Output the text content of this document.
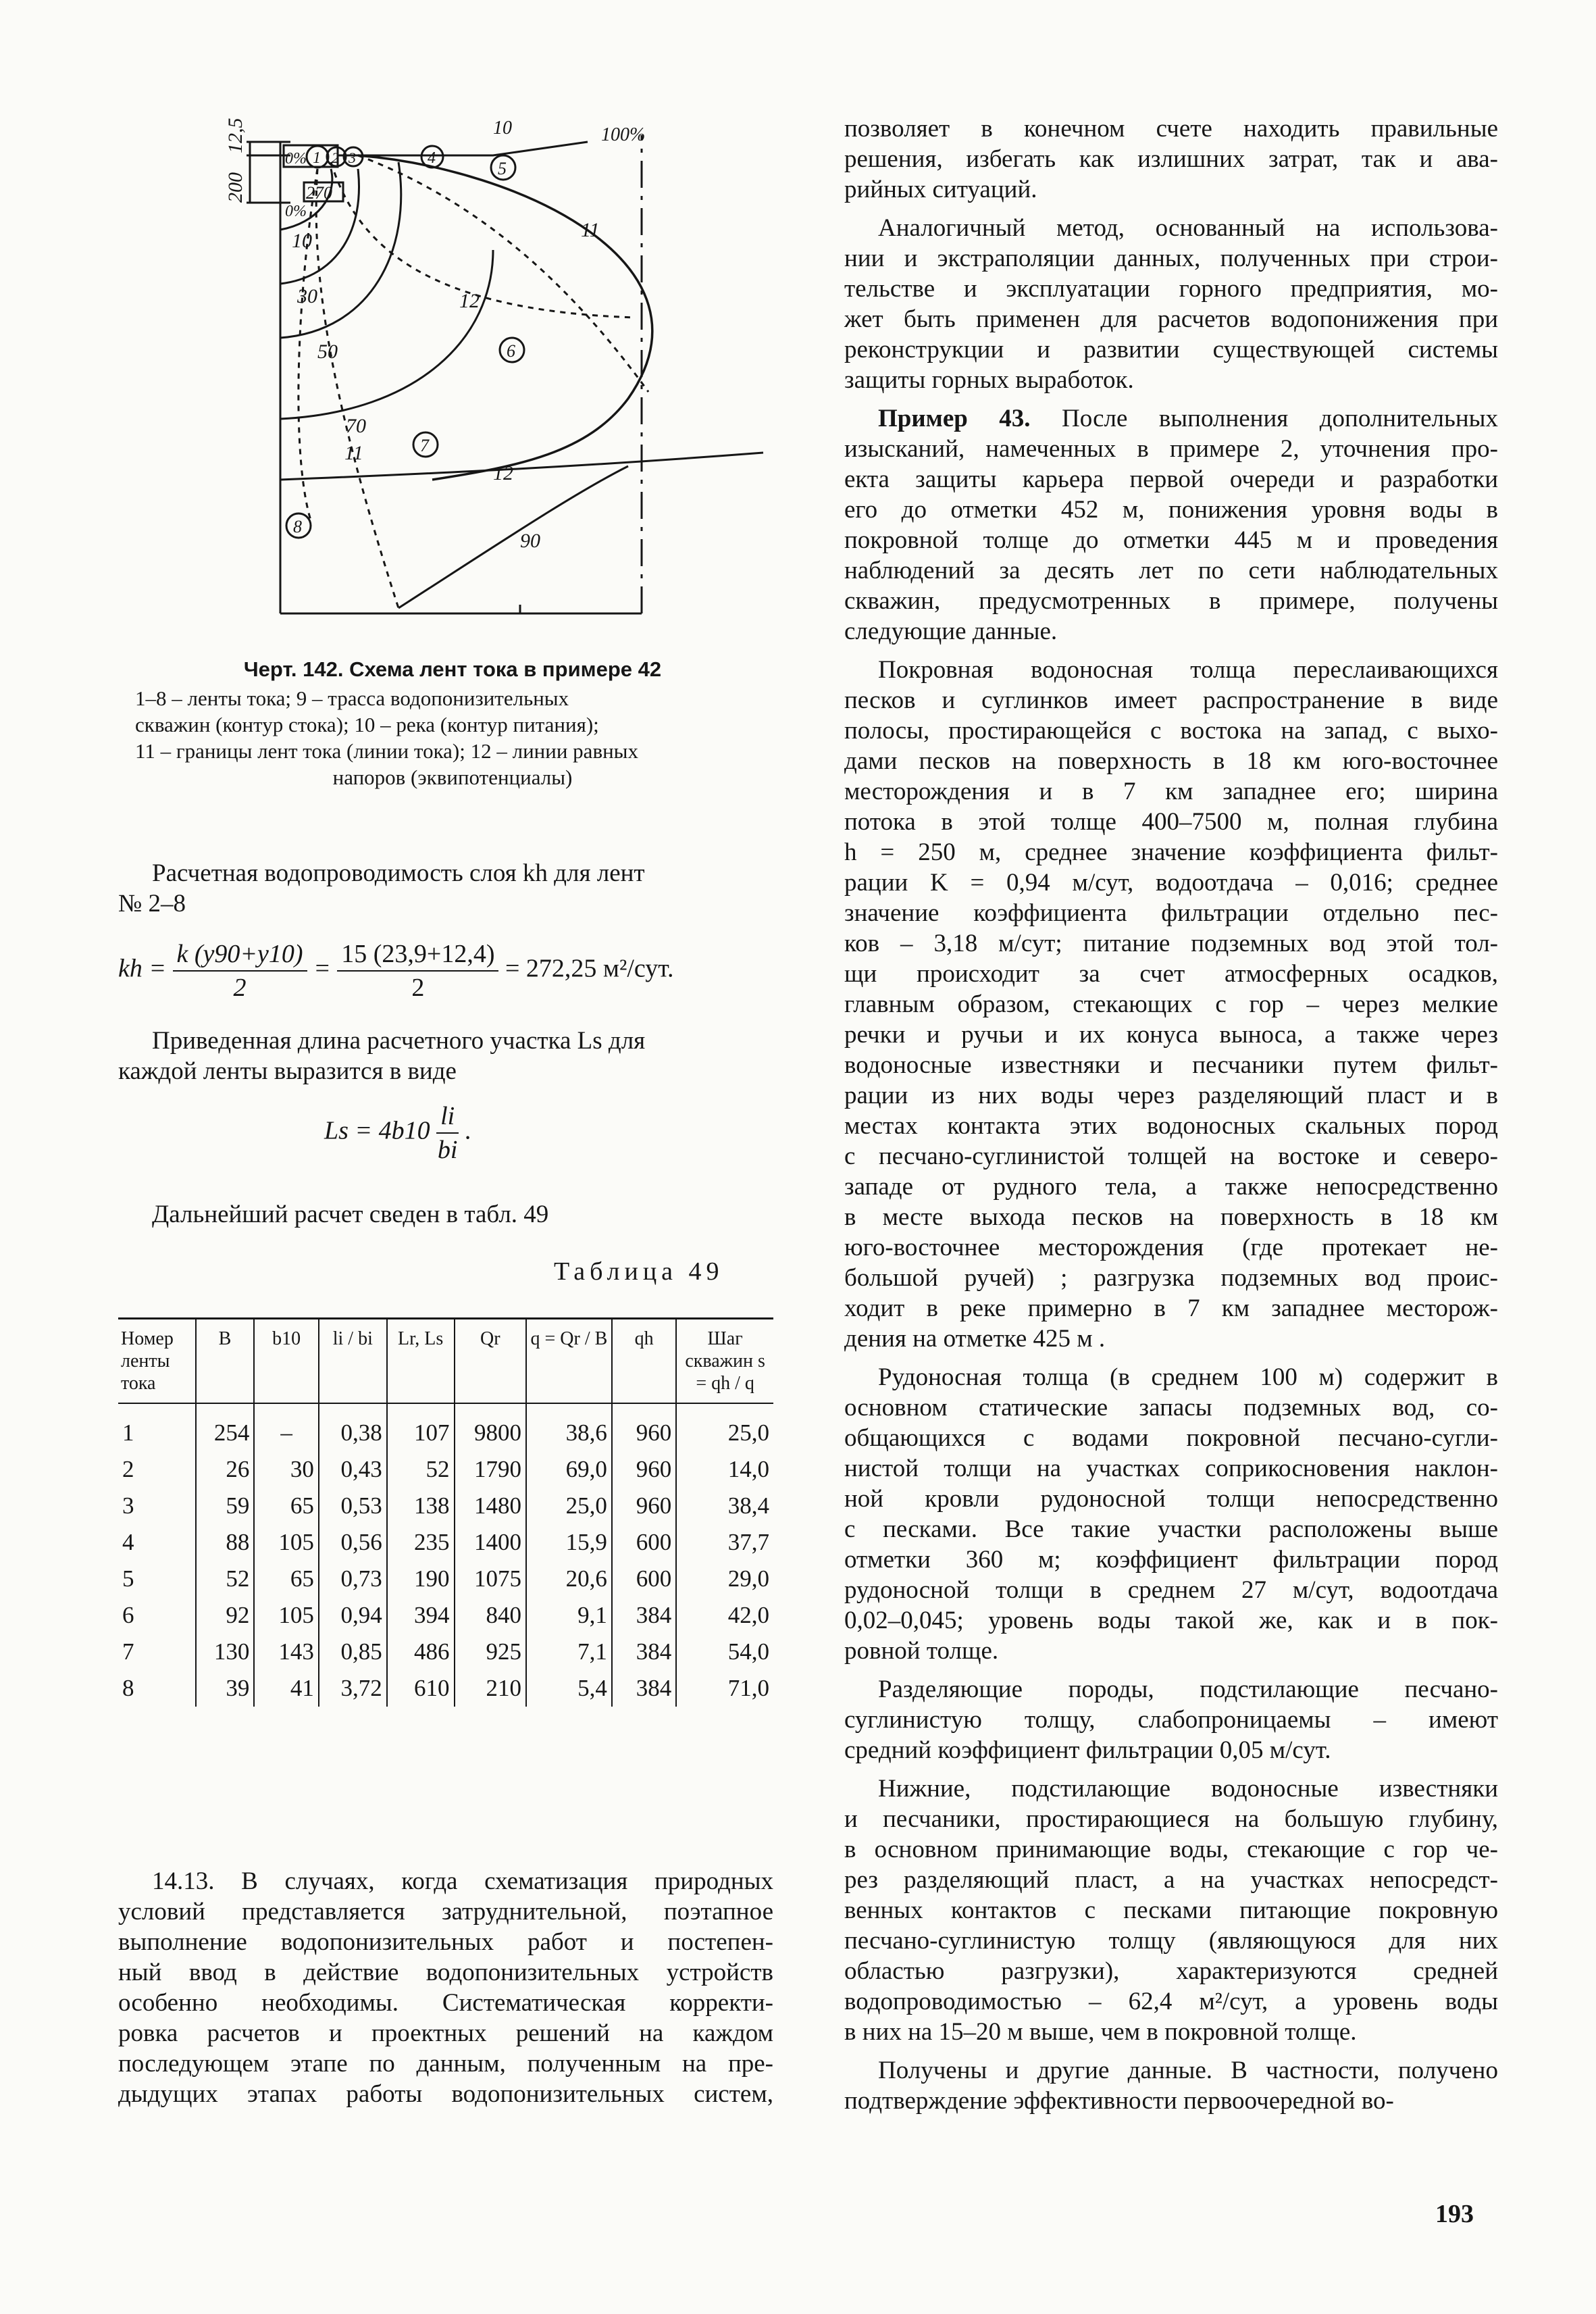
12,5
200
0%
0%
270
100%
10
1 2 3	4
5
6
7
8
10
30
50
70
90
11
11
12
12
Черт. 142. Схема лент тока в примере 42
1–8 – ленты тока; 9 – трасса водопонизительных
скважин (контур стока); 10 – река (контур питания);
11 – границы лент тока (линии тока); 12 – линии равных
напоров (эквипотенциалы)

Расчетная водопроводимость слоя kh для лент

№ 2–8

kh = $\frac{k (y90+y10)}{2} = \frac{15 (23,9+12,4)}{2} = 272,25$ м²/сут.

Приведенная длина расчетного участка Ls для

каждой ленты выразится в виде

$Ls = 4b10 \frac{li}{bi}$ .

Дальнейший расчет сведен в табл. 49

Таблица 49
Номер ленты тока	B	b10	li / bi	Lr, Ls	Qr	q = Qr / B	qh	Шаг скважин s = qh / q
1	254	–	0,38	107	9800	38,6	960	25,0
2	26	30	0,43	52	1790	69,0	960	14,0
3	59	65	0,53	138	1480	25,0	960	38,4
4	88	105	0,56	235	1400	15,9	600	37,7
5	52	65	0,73	190	1075	20,6	600	29,0
6	92	105	0,94	394	840	9,1	384	42,0
7	130	143	0,85	486	925	7,1	384	54,0
8	39	41	3,72	610	210	5,4	384	71,0

14.13. В случаях, когда схематизация природных

условий представляется затруднительной, поэтапное

выполнение водопонизительных работ и постепен-

ный ввод в действие водопонизительных устройств

особенно необходимы. Систематическая корректи-

ровка расчетов и проектных решений на каждом

последующем этапе по данным, полученным на пре-

дыдущих этапах работы водопонизительных систем,

позволяет в конечном счете находить правильные

решения, избегать как излишних затрат, так и ава-

рийных ситуаций.

Аналогичный метод, основанный на использова-

нии и экстраполяции данных, полученных при строи-

тельстве и эксплуатации горного предприятия, мо-

жет быть применен для расчетов водопонижения при

реконструкции и развитии существующей системы

защиты горных выработок.

Пример 43. После выполнения дополнительных

изысканий, намеченных в примере 2, уточнения про-

екта защиты карьера первой очереди и разработки

его до отметки 452 м, понижения уровня воды в

покровной толще до отметки 445 м и проведения

наблюдений за десять лет по сети наблюдательных

скважин, предусмотренных в примере, получены

следующие данные.

Покровная водоносная толща переслаивающихся

песков и суглинков имеет распространение в виде

полосы, простирающейся с востока на запад, с выхо-

дами песков на поверхность в 18 км юго-восточнее

месторождения и в 7 км западнее его; ширина

потока в этой толще 400–7500 м, полная глубина

h = 250 м, среднее значение коэффициента фильт-

рации K = 0,94 м/сут, водоотдача – 0,016; среднее

значение коэффициента фильтрации отдельно пес-

ков – 3,18 м/сут; питание подземных вод этой тол-

щи происходит за счет атмосферных осадков,

главным образом, стекающих с гор – через мелкие

речки и ручьи и их конуса выноса, а также через

водоносные известняки и песчаники путем фильт-

рации из них воды через разделяющий пласт и в

местах контакта этих водоносных скальных пород

с песчано-суглинистой толщей на востоке и северо-

западе от рудного тела, а также непосредственно

в месте выхода песков на поверхность в 18 км

юго-восточнее месторождения (где протекает не-

большой ручей) ; разгрузка подземных вод проис-

ходит в реке примерно в 7 км западнее месторож-

дения на отметке 425 м .

Рудоносная толща (в среднем 100 м) содержит в

основном статические запасы подземных вод, со-

общающихся с водами покровной песчано-сугли-

нистой толщи на участках соприкосновения наклон-

ной кровли рудоносной толщи непосредственно

с песками. Все такие участки расположены выше

отметки 360 м; коэффициент фильтрации пород

рудоносной толщи в среднем 27 м/сут, водоотдача

0,02–0,045; уровень воды такой же, как и в пок-

ровной толще.

Разделяющие породы, подстилающие песчано-

суглинистую толщу, слабопроницаемы – имеют

средний коэффициент фильтрации 0,05 м/сут.

Нижние, подстилающие водоносные известняки

и песчаники, простирающиеся на большую глубину,

в основном принимающие воды, стекающие с гор че-

рез разделяющий пласт, а на участках непосредст-

венных контактов с песками питающие покровную

песчано-суглинистую толщу (являющуюся для них

областью разгрузки), характеризуются средней

водопроводимостью – 62,4 м²/сут, а уровень воды

в них на 15–20 м выше, чем в покровной толще.

Получены и другие данные. В частности, получено

подтверждение эффективности первоочередной во-

193
